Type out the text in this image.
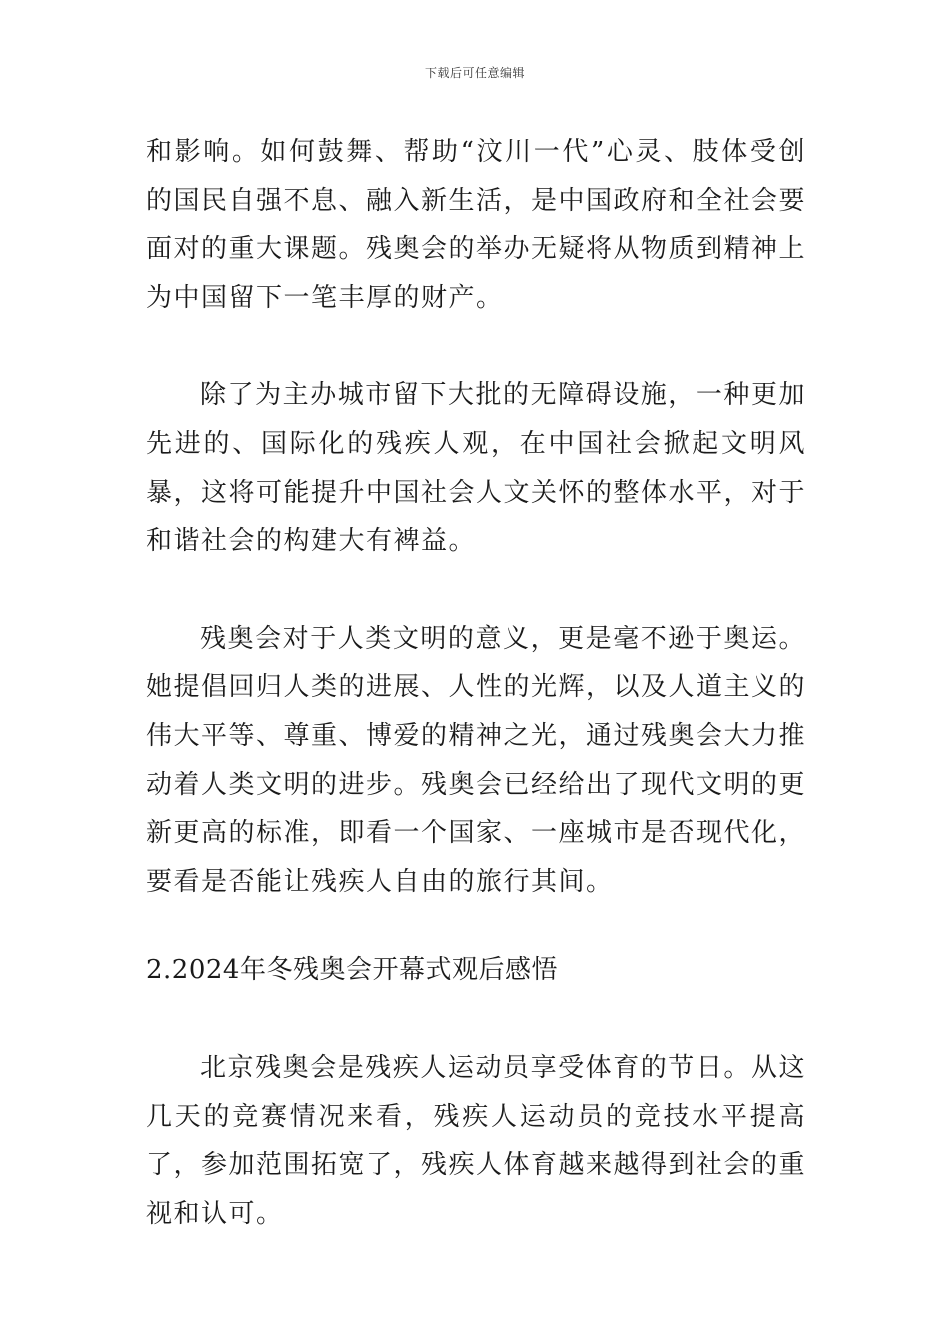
下载后可任意编辑

和影响。如何鼓舞、帮助“汶川一代”心灵、肢体受创的国民自强不息、融入新生活，是中国政府和全社会要面对的重大课题。残奥会的举办无疑将从物质到精神上为中国留下一笔丰厚的财产。

除了为主办城市留下大批的无障碍设施，一种更加先进的、国际化的残疾人观，在中国社会掀起文明风暴，这将可能提升中国社会人文关怀的整体水平，对于和谐社会的构建大有裨益。

残奥会对于人类文明的意义，更是毫不逊于奥运。她提倡回归人类的进展、人性的光辉，以及人道主义的伟大平等、尊重、博爱的精神之光，通过残奥会大力推动着人类文明的进步。残奥会已经给出了现代文明的更新更高的标准，即看一个国家、一座城市是否现代化，要看是否能让残疾人自由的旅行其间。

2.2024年冬残奥会开幕式观后感悟

北京残奥会是残疾人运动员享受体育的节日。从这几天的竞赛情况来看，残疾人运动员的竞技水平提高了，参加范围拓宽了，残疾人体育越来越得到社会的重视和认可。
